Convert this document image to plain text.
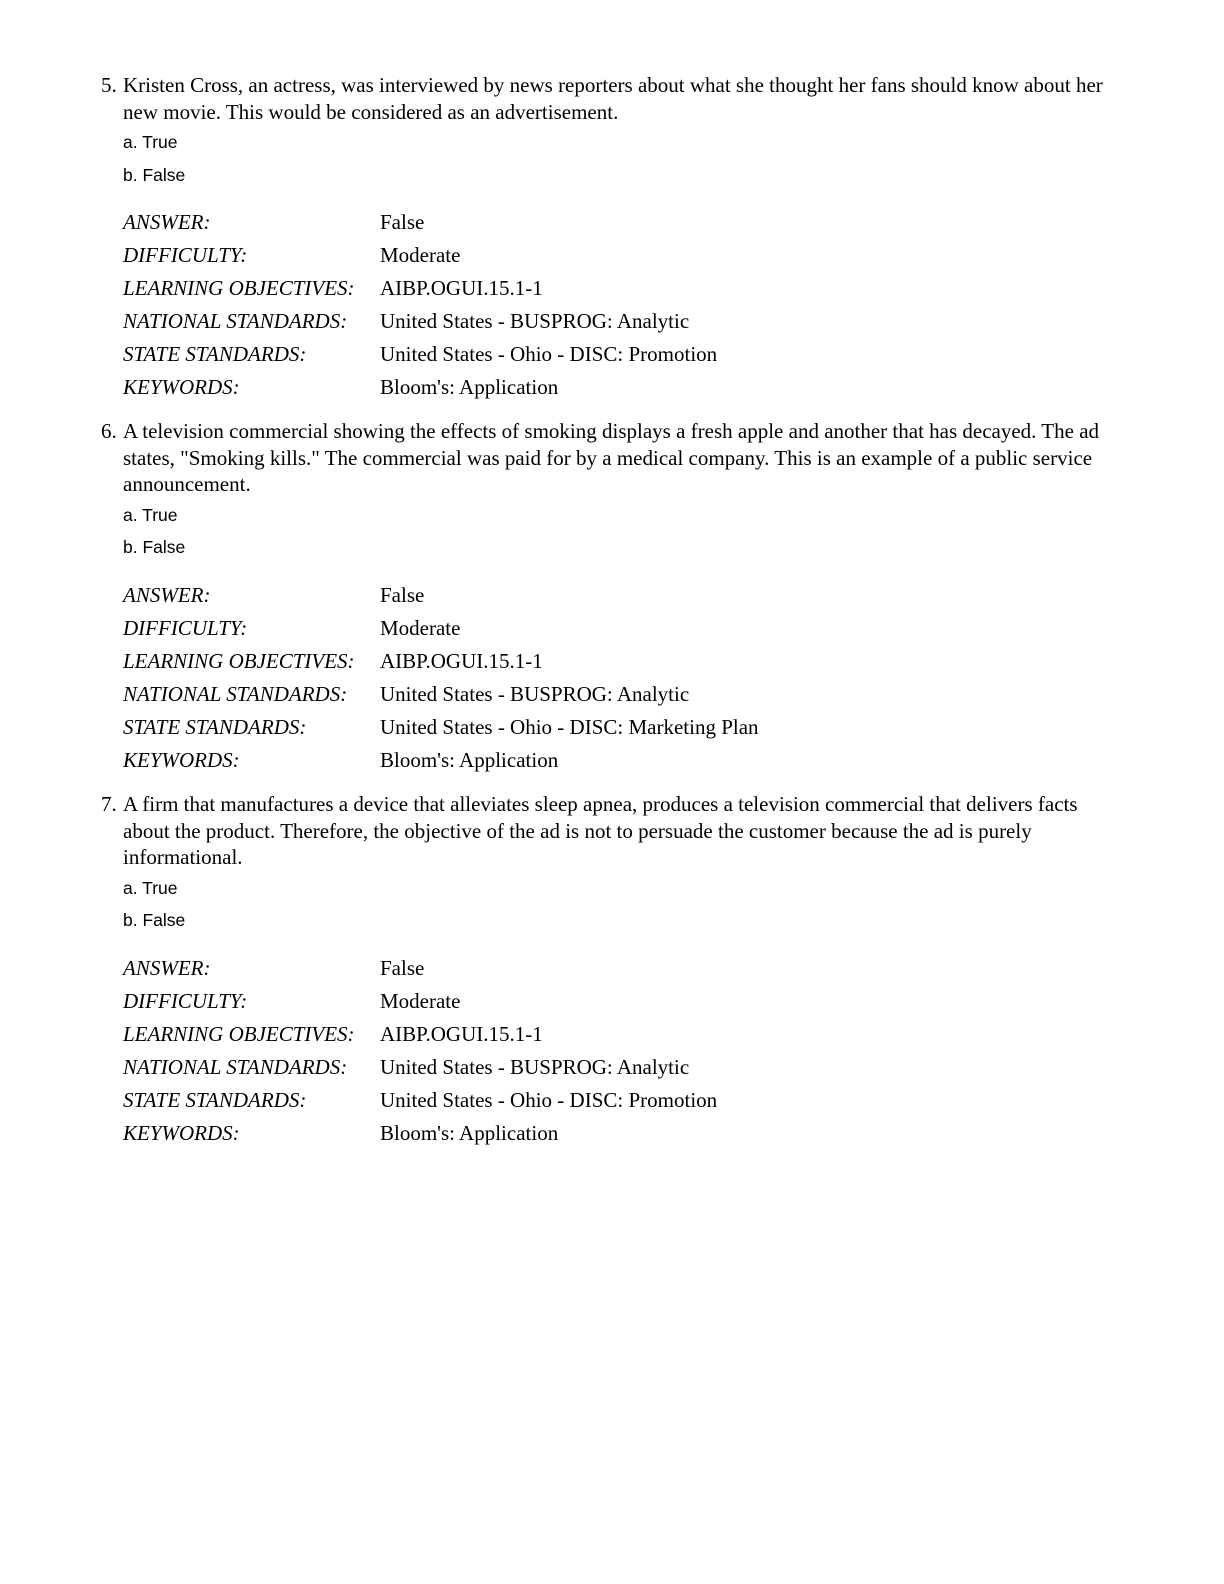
5. Kristen Cross, an actress, was interviewed by news reporters about what she thought her fans should know about her new movie. This would be considered as an advertisement.
a. True
b. False
ANSWER:	False
DIFFICULTY:	Moderate
LEARNING OBJECTIVES: AIBP.OGUI.15.1-1
NATIONAL STANDARDS: United States - BUSPROG: Analytic
STATE STANDARDS:	United States - Ohio - DISC: Promotion
KEYWORDS:	Bloom's: Application
6. A television commercial showing the effects of smoking displays a fresh apple and another that has decayed. The ad states, "Smoking kills." The commercial was paid for by a medical company. This is an example of a public service announcement.
a. True
b. False
ANSWER:	False
DIFFICULTY:	Moderate
LEARNING OBJECTIVES: AIBP.OGUI.15.1-1
NATIONAL STANDARDS: United States - BUSPROG: Analytic
STATE STANDARDS:	United States - Ohio - DISC: Marketing Plan
KEYWORDS:	Bloom's: Application
7. A firm that manufactures a device that alleviates sleep apnea, produces a television commercial that delivers facts about the product. Therefore, the objective of the ad is not to persuade the customer because the ad is purely informational.
a. True
b. False
ANSWER:	False
DIFFICULTY:	Moderate
LEARNING OBJECTIVES: AIBP.OGUI.15.1-1
NATIONAL STANDARDS: United States - BUSPROG: Analytic
STATE STANDARDS:	United States - Ohio - DISC: Promotion
KEYWORDS:	Bloom's: Application
